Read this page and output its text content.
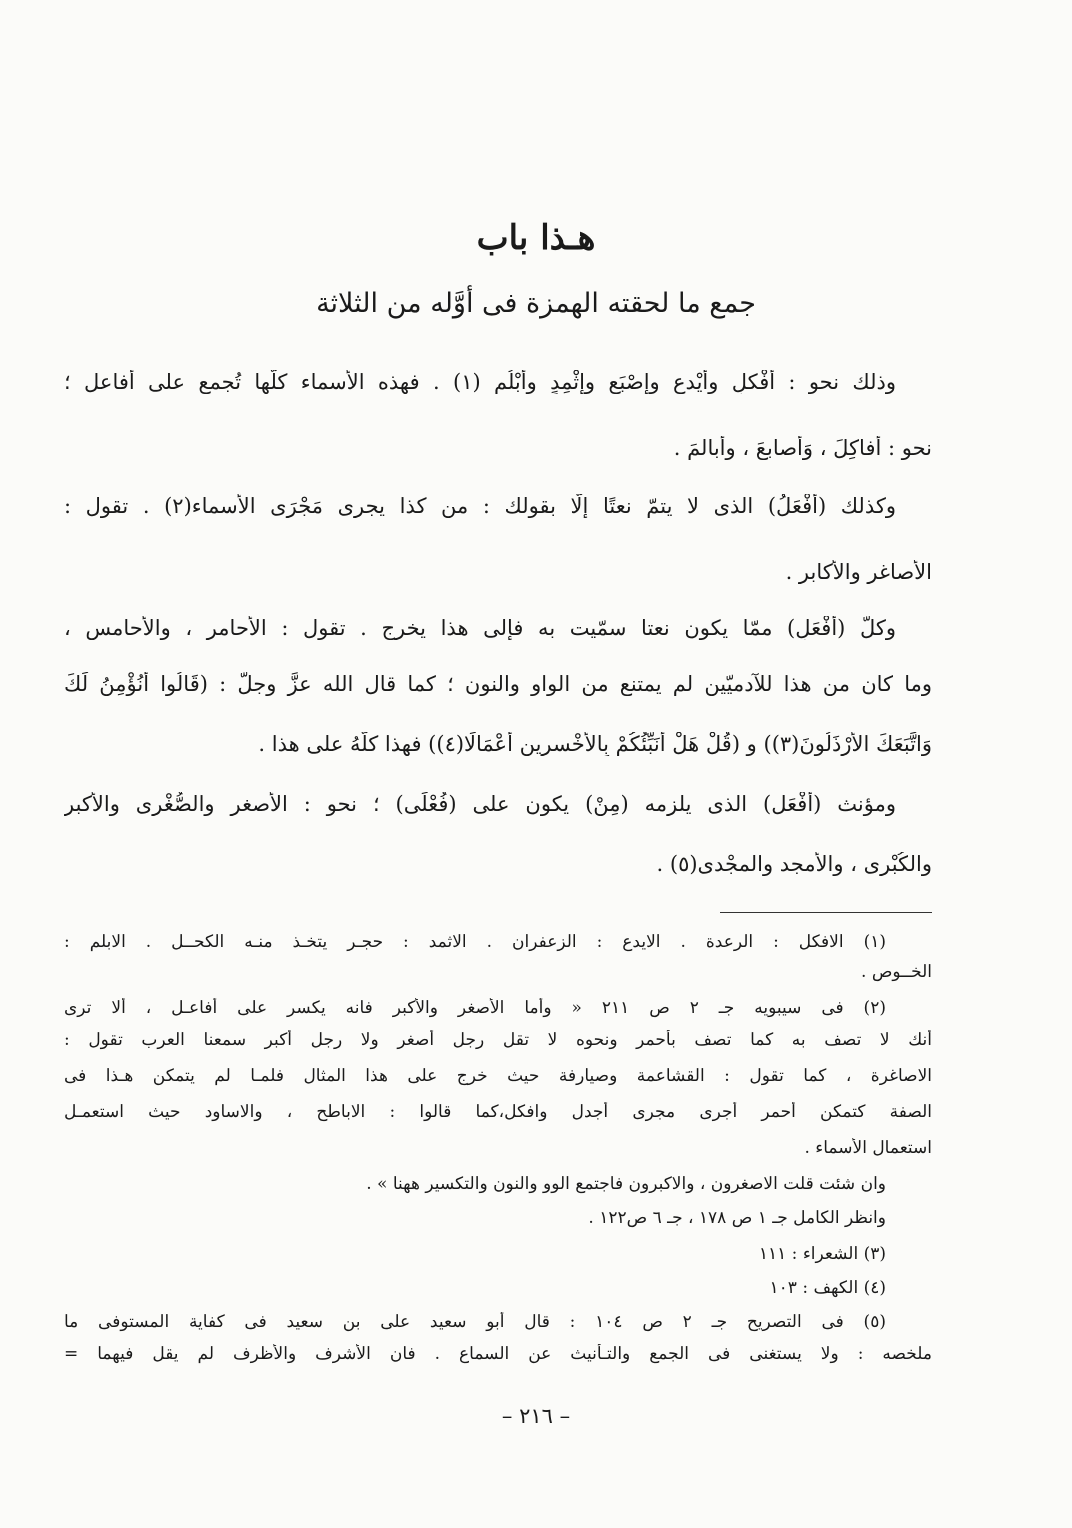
هـذا باب
جمع ما لحقته الهمزة فى أوَّله من الثلاثة
وذلك نحو : أَفْكلٍ وأَيْدعٍ وإِصْبَعٍ وإِثْمِدٍ وأُبْلُمٍ (١) . فهذه الأَسماء كلُّها تُجمع على أفاعل ؛
نحو : أفاكِلَ ، وَأَصابعَ ، وأبالمَ .
وكذلك (أَفْعَلُ) الذى لا يتمّ نعتًا إِلَّا بقولك : من كذا يجرى مَجْرَى الأَسماء(٢) . تقول :
الأَصاغر والأَكابر .
وكلُّ (أَفْعَلٍ) ممّا يكون نعتا سمّيت به فإلى هذا يخرج . تقول : الأَحامر ، والأَحامس ،
وما كان من هذا للآدميّين لم يمتنع من الواو والنون ؛ كما قال الله عزَّ وجلَّ : (قَالُوا أَنُؤْمِنُ لَكَ
وَاتَّبَعَكَ الأَرْذَلُونَ(٣)) و (قُلْ هَلْ أُنَبِّئُكُمْ بِالأَخْسرِين أَعْمَالًا(٤)) فهذا كلُّهُ على هذا .
ومؤنث (أَفْعَل) الذى يلزمه (مِنْ) يكون على (فُعْلَى) ؛ نحو : الأَصغر والصُّغْرى والأَكبر
والكُبْرى ، والأَمجد والمجْدى(٥) .
(١) الافكل : الرعدة . الايدع : الزعفران . الاثمد : حجـر يتخـذ منـه الكحــل . الابلم :
الخــوص .
(٢) فى سيبويه جـ ٢ ص ٢١١ « وأما الأصغر والأكبر فانه يكسر على أفاعـل ، ألا ترى
أنك لا تصف به كما تصف بأحمر ونحوه لا تقل رجل أصغر ولا رجل أكبر سمعنا العرب تقول :
الاصاغرة ، كما تقول : القشاعمة وصيارفة حيث خرج على هذا المثال فلمـا لم يتمكن هـذا فى
الصفة كتمكن أحمر أجرى مجرى أجدل وافكل،كما قالوا : الاباطح ، والاساود حيث استعمـل
استعمال الأسماء .
وان شئت قلت الاصغرون ، والاكبرون فاجتمع الوو والنون والتكسير ههنا » .
وانظر الكامل جـ ١ ص ١٧٨ ، جـ ٦ ص١٢٢ .
(٣) الشعراء : ١١١
(٤) الكهف : ١٠٣
(٥) فى التصريح جـ ٢ ص ١٠٤ : قال أبو سعيد على بن سعيد فى كفاية المستوفى ما
ملخصه : ولا يستغنى فى الجمع والتـأنيث عن السماع . فان الأشرف والأظرف لم يقل فيهما =
– ٢١٦ –
